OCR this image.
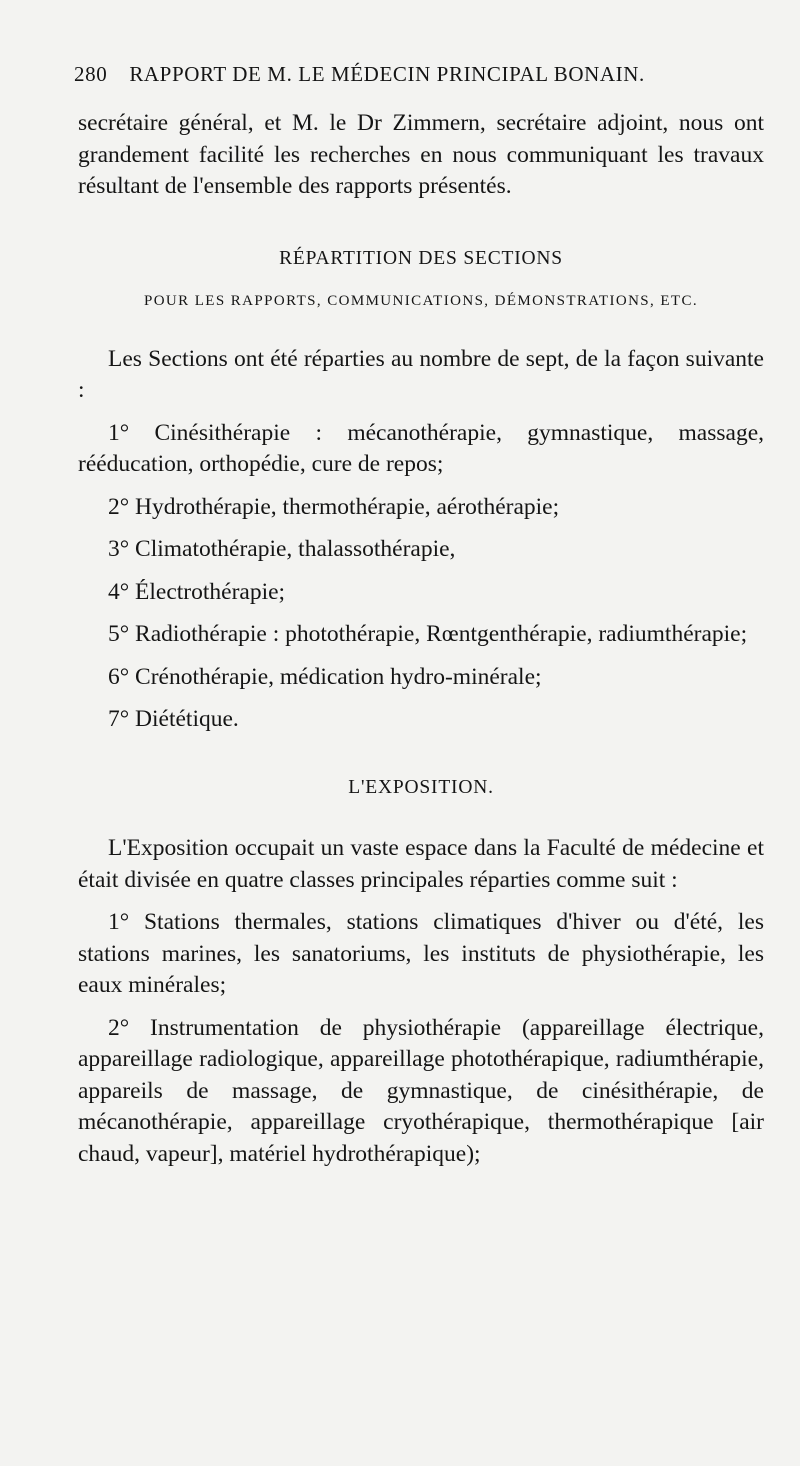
280 RAPPORT DE M. LE MÉDECIN PRINCIPAL BONAIN.

secrétaire général, et M. le Dr Zimmern, secrétaire adjoint, nous ont grandement facilité les recherches en nous communiquant les travaux résultant de l'ensemble des rapports présentés.

RÉPARTITION DES SECTIONS
POUR LES RAPPORTS, COMMUNICATIONS, DÉMONSTRATIONS, ETC.

Les Sections ont été réparties au nombre de sept, de la façon suivante :

1° Cinésithérapie : mécanothérapie, gymnastique, massage, rééducation, orthopédie, cure de repos;

2° Hydrothérapie, thermothérapie, aérothérapie;

3° Climatothérapie, thalassothérapie,

4° Électrothérapie;

5° Radiothérapie : photothérapie, Rœntgenthérapie, radiumthérapie;

6° Crénothérapie, médication hydro-minérale;

7° Diététique.

L'EXPOSITION.

L'Exposition occupait un vaste espace dans la Faculté de médecine et était divisée en quatre classes principales réparties comme suit :

1° Stations thermales, stations climatiques d'hiver ou d'été, les stations marines, les sanatoriums, les instituts de physiothérapie, les eaux minérales;

2° Instrumentation de physiothérapie (appareillage électrique, appareillage radiologique, appareillage photothérapique, radiumthérapie, appareils de massage, de gymnastique, de cinésithérapie, de mécanothérapie, appareillage cryothérapique, thermothérapique [air chaud, vapeur], matériel hydrothérapique);
